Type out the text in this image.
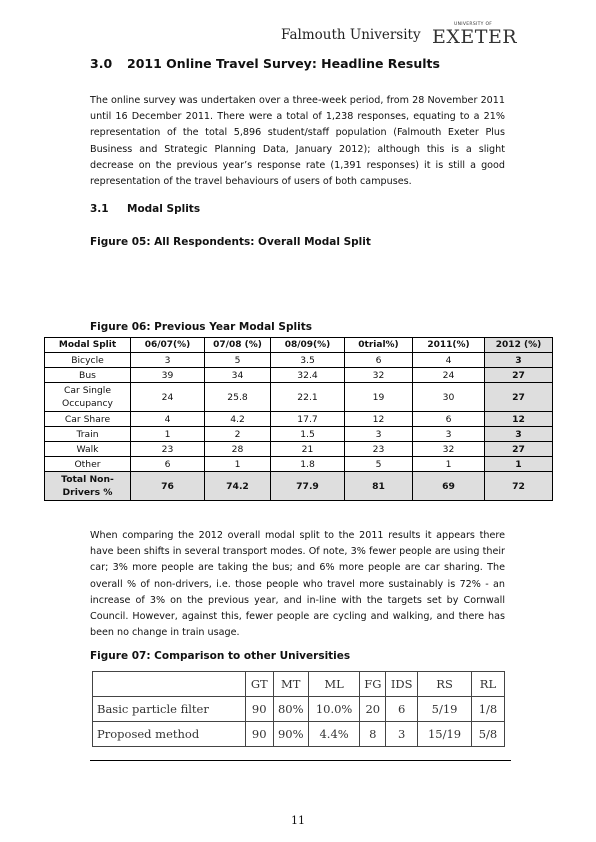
Falmouth University
UNIVERSITY OF
EXETER
3.0 2011 Online Travel Survey: Headline Results
The online survey was undertaken over a three-week period, from 28 November 2011 until 16 December 2011. There were a total of 1,238 responses, equating to a 21% representation of the total 5,896 student/staff population (Falmouth Exeter Plus Business and Strategic Planning Data, January 2012); although this is a slight decrease on the previous year’s response rate (1,391 responses) it is still a good representation of the travel behaviours of users of both campuses.
3.1 Modal Splits
Figure 05: All Respondents: Overall Modal Split
Figure 06: Previous Year Modal Splits
Modal Split	06/07(%)	07/08 (%)	08/09(%)	0trial%)	2011(%)	2012 (%)
Bicycle	3	5	3.5	6	4	3
Bus	39	34	32.4	32	24	27
Car Single Occupancy	24	25.8	22.1	19	30	27
Car Share	4	4.2	17.7	12	6	12
Train	1	2	1.5	3	3	3
Walk	23	28	21	23	32	27
Other	6	1	1.8	5	1	1
Total Non-Drivers %	76	74.2	77.9	81	69	72
When comparing the 2012 overall modal split to the 2011 results it appears there have been shifts in several transport modes. Of note, 3% fewer people are using their car; 3% more people are taking the bus; and 6% more people are car sharing. The overall % of non-drivers, i.e. those people who travel more sustainably is 72% - an increase of 3% on the previous year, and in-line with the targets set by Cornwall Council. However, against this, fewer people are cycling and walking, and there has been no change in train usage.
Figure 07: Comparison to other Universities
	GT	MT	ML	FG	IDS	RS	RL
Basic particle filter	90	80%	10.0%	20	6	5/19	1/8
Proposed method	90	90%	4.4%	8	3	15/19	5/8
11
